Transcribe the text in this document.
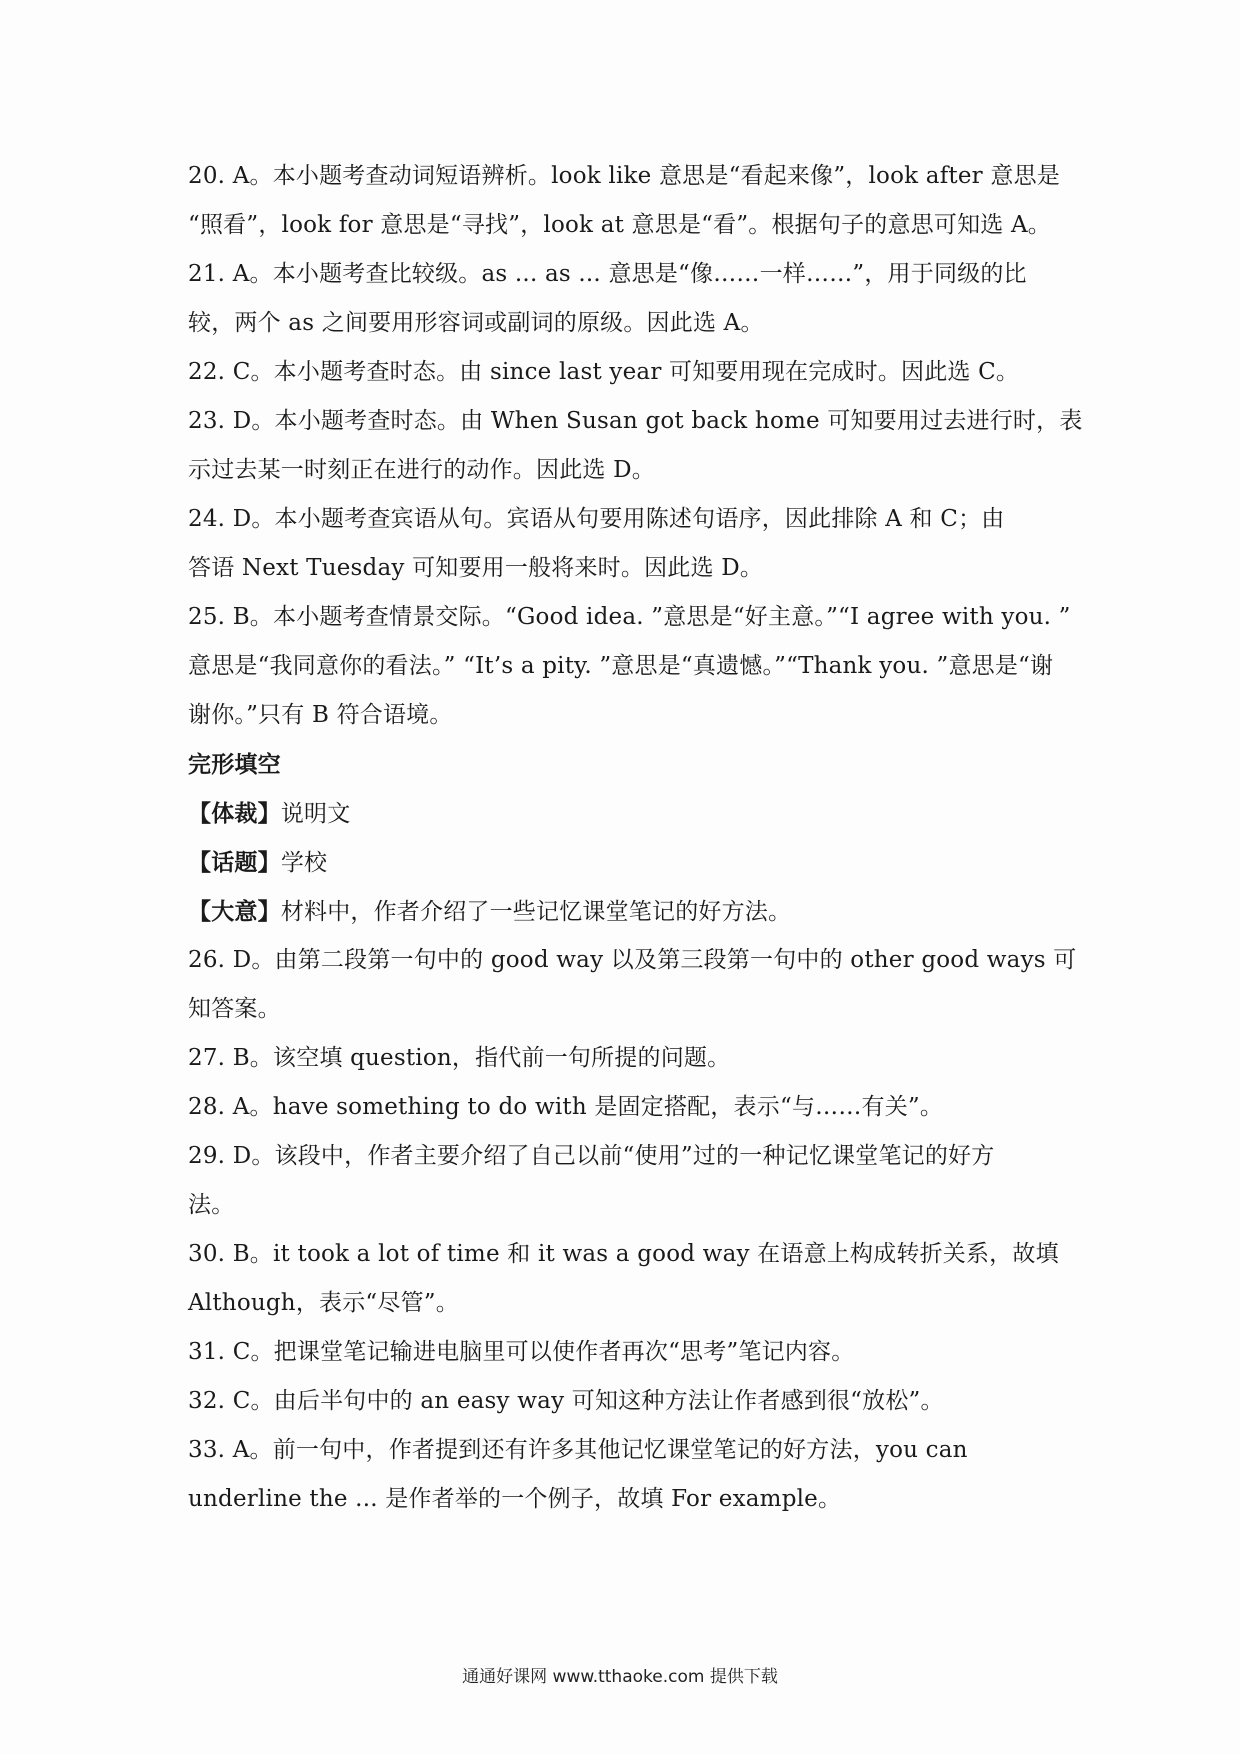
20. A。本小题考查动词短语辨析。look like 意思是“看起来像”，look after 意思是
“照看”，look for 意思是“寻找”，look at 意思是“看”。根据句子的意思可知选 A。
21. A。本小题考查比较级。as ... as ... 意思是“像……一样……”，用于同级的比
较，两个 as 之间要用形容词或副词的原级。因此选 A。
22. C。本小题考查时态。由 since last year 可知要用现在完成时。因此选 C。
23. D。本小题考查时态。由 When Susan got back home 可知要用过去进行时，表
示过去某一时刻正在进行的动作。因此选 D。
24. D。本小题考查宾语从句。宾语从句要用陈述句语序，因此排除 A 和 C；由
答语 Next Tuesday 可知要用一般将来时。因此选 D。
25. B。本小题考查情景交际。“Good idea. ”意思是“好主意。”“I agree with you. ”
意思是“我同意你的看法。” “It’s a pity. ”意思是“真遗憾。”“Thank you. ”意思是“谢
谢你。”只有 B 符合语境。
完形填空
【体裁】说明文
【话题】学校
【大意】材料中，作者介绍了一些记忆课堂笔记的好方法。
26. D。由第二段第一句中的 good way 以及第三段第一句中的 other good ways 可
知答案。
27. B。该空填 question，指代前一句所提的问题。
28. A。have something to do with 是固定搭配，表示“与……有关”。
29. D。该段中，作者主要介绍了自己以前“使用”过的一种记忆课堂笔记的好方
法。
30. B。it took a lot of time 和 it was a good way 在语意上构成转折关系，故填
Although，表示“尽管”。
31. C。把课堂笔记输进电脑里可以使作者再次“思考”笔记内容。
32. C。由后半句中的 an easy way 可知这种方法让作者感到很“放松”。
33. A。前一句中，作者提到还有许多其他记忆课堂笔记的好方法，you can
underline the ... 是作者举的一个例子，故填 For example。
通通好课网 www.tthaoke.com 提供下载
